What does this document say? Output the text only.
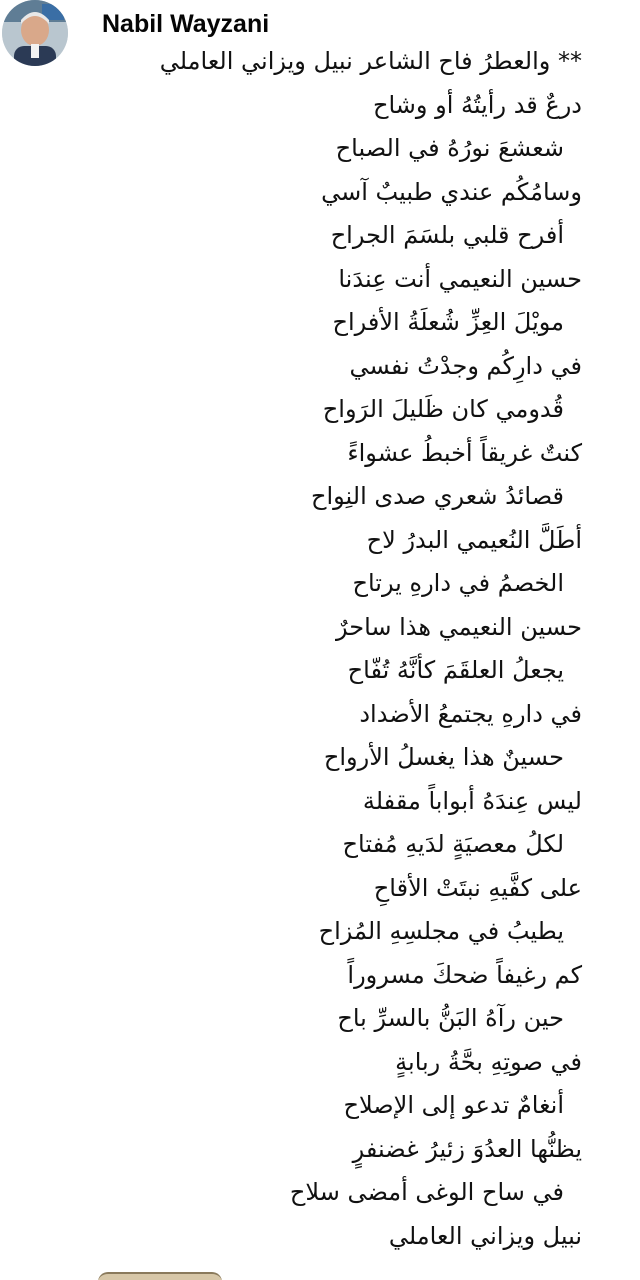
Nabil Wayzani
** والعطرُ فاح الشاعر نبيل ويزاني العاملي
درعٌ قد رأيتُهُ أو وشاح
شعشعَ نورُهُ في الصباح
وسامُكُم عندي طبيبٌ آسي
أفرح قلبي بلسَمَ الجراح
حسين النعيمي أنت عِندَنا
مويْلَ العِزِّ شُعلَةُ الأفراح
في دارِكُم وجدْتُ نفسي
قُدومي كان ظَليلَ الرَواح
كنتٌ غريقاً أخبطُ عشواءً
قصائدُ شعري صدى النِواح
أطَلَّ النُعيمي البدرُ لاح
الخصمُ في دارهِ يرتاح
حسين النعيمي هذا ساحرٌ
يجعلُ العلقَمَ كأنَّهُ تُفّاح
في دارهِ يجتمعُ الأضداد
حسينٌ هذا يغسلُ الأرواح
ليس عِندَهُ أبواباً مقفلة
لكلُ معصيَةٍ لدَيهِ مُفتاح
على كفَّيهِ نبتَتْ الأقاحِ
يطيبُ في مجلسِهِ المُزاح
كم رغيفاً ضحكَ مسروراً
حين رآهُ البَنُّ بالسرِّ باح
في صوتِهِ بحَّةُ ربابةٍ
أنغامٌ تدعو إلى الإصلاح
يظنُّها العدُوَ زئيرُ غضنفرٍ
في ساح الوغى أمضى سلاح
نبيل ويزاني العاملي
